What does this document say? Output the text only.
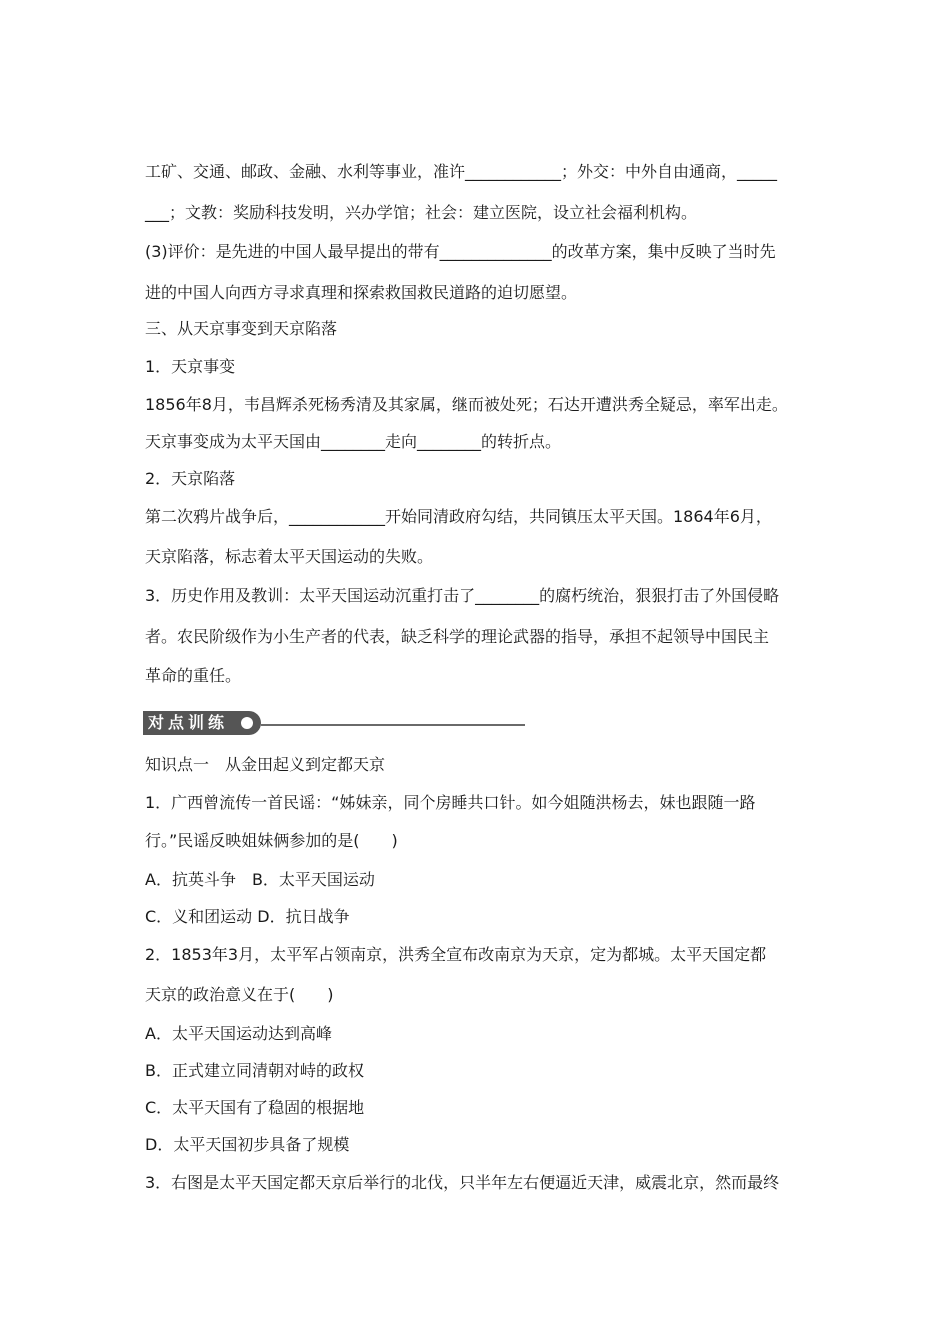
工矿、交通、邮政、金融、水利等事业，准许____________；外交：中外自由通商，_____
___；文教：奖励科技发明，兴办学馆；社会：建立医院，设立社会福利机构。
(3)评价：是先进的中国人最早提出的带有______________的改革方案，集中反映了当时先
进的中国人向西方寻求真理和探索救国救民道路的迫切愿望。
三、从天京事变到天京陷落
1．天京事变
1856年8月，韦昌辉杀死杨秀清及其家属，继而被处死；石达开遭洪秀全疑忌，率军出走。
天京事变成为太平天国由________走向________的转折点。
2．天京陷落
第二次鸦片战争后，____________开始同清政府勾结，共同镇压太平天国。1864年6月，
天京陷落，标志着太平天国运动的失败。
3．历史作用及教训：太平天国运动沉重打击了________的腐朽统治，狠狠打击了外国侵略
者。农民阶级作为小生产者的代表，缺乏科学的理论武器的指导，承担不起领导中国民主
革命的重任。
对点训练
知识点一　从金田起义到定都天京
1．广西曾流传一首民谣：“姊妹亲，同个房睡共口针。如今姐随洪杨去，妹也跟随一路
行。”民谣反映姐妹俩参加的是(　　)
A．抗英斗争　B．太平天国运动
C．义和团运动 D．抗日战争
2．1853年3月，太平军占领南京，洪秀全宣布改南京为天京，定为都城。太平天国定都
天京的政治意义在于(　　)
A．太平天国运动达到高峰
B．正式建立同清朝对峙的政权
C．太平天国有了稳固的根据地
D．太平天国初步具备了规模
3．右图是太平天国定都天京后举行的北伐，只半年左右便逼近天津，威震北京，然而最终
